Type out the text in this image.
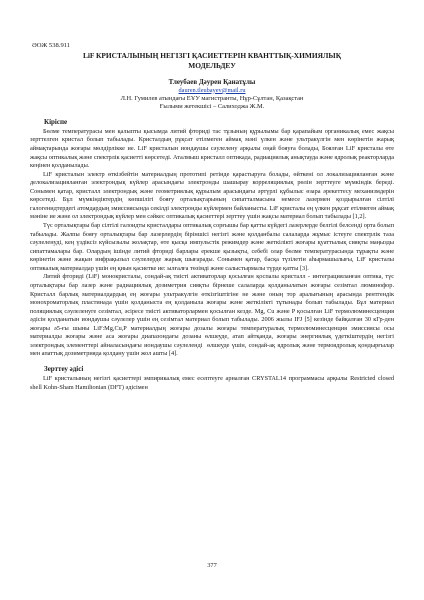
ӘОЖ 538.911
LiF КРИСТАЛЫНЫҢ НЕГІЗГІ ҚАСИЕТТЕРІН КВАНТТЫҚ-ХИМИЯЛЫҚ
МОДЕЛЬДЕУ
Тлеубаев Дәурен Қанатұлы
dauren.tleubayev@mail.ru
Л.Н. Гумилев атындағы ЕҰУ магистранты, Нұр-Сұлтан, Қазақстан
Ғылыми жетекшісі – Салиходжа Ж.М.
Кіріспе

Бөлме температурасы мен қалыпты қысымда литий фториді тас тұзының құрылымы бар қарапайым органикалық емес жақсы зерттелген кристал болып табылады. Кристалдың рұқсат етілмеген аймақ мәні үлкен және ультракүлгін мен көрінетін жарық аймақтарында жоғары мөлдірлікке ие. LiF кристалын иондаушы сәулелену арқылы оңай бояуға болады, Боялған LiF кристалы өте жақсы оптикалық және спектрлік қасиетті көрсетеді. Аталмыш кристалл оптикада, радиациялық анықтауда және ядролық реакторларда кеңінен қолданылады.

LiF кристалын электр өткізбейтін материалдың прототипі ретінде қарастыруға болады, өйткені ол локализацияланған және делокализацияланған электрондық күйлер арасындағы электронды шашырау корреляциялық рөлін зерттеуге мүмкіндік береді. Сонымен қатар, кристалл электрондық және геометриялық құрылым арасындағы әртүрлі құбылыс өзара әрекеттесу механизмдерін көрсетеді. Бұл мүмкіндіктердің көпшілігі бояғу орталықтарының сипатталмасына немесе лазермен қоздырылған сілтілі галогенидтердегі атомдардың эмиссиясында секілді электронды күйлермен байланысты. LiF кристалы ең үлкен рұқсат етілмеген аймақ мәніне ие және ол электрондық күйлер мен сәйкес оптикалық қасиеттері зерттеу үшін жақсы материал болып табылады [1,2].

Түс орталықтары бар сілтілі галоидты кристалдары оптикалық сорғышы бар қатты күйдегі лазерлерде белгілі белсенді орта болып табылады. Жалпы бояғу орталықтары бар лазерлердің біріншісі негізгі және қолданбалы салаларда жұмыс істеуге спектрлік таза сәулеленуді, кең үздіксіз күйсызылы жолақтар, өте қысқа импульстік режимдер және жеткілікті жоғары қуаттылық сияқты маңызды сипаттамалары бар. Олардың ішінде литий фториді барлары ерекше қызықты, себебі олар бөлме температурасында тұрақты және көрінетін және жақын инфрақызыл сәулелерде жарық шығарады. Сонымен қатар, басқа түзілетін аһырмашылығы, LiF кристалы оптикалық материалдар үшін ең қиын қасиетке ие: ылғалға төзімді және салыстырмалы түрде қатты [3].

Литий фториді (LiF) монокристалы, сондай-ақ тиісті активаторлар қосылған қоспалы кристалл - интеграцияланған оптика, түс орталықтары бар лазер және радиациялық дозиметрия сияқты бірнеше салаларда қолданылатын жоғары сезімтал люминофор. Кристалл барлық материалдардың ең жоғары ультракүлгін өткізгіштігіне не және оның тор аралығының арасында рентгендік монохроматорлық пластинада үшін қолданыста ең қолданыла жоғары және жеткілікті тұтынады болып табылады. Бұл материал поляциялық сәулеленуге сезімтал, әсіресе тиісті активаторлармен қосылған кезде. Mg, Cu және P қосылған LiF термолюминесценция әдісін қолданатын иондаушы сәулелер үшін ең сезімтал материал болып табылады. 2006 жылы IFJ [5] кезінде байқалған 30 кГр-ден жоғары ә5-ғы шыны LiF:Mg,Cu,P материалдың жоғары дозалы жоғары температуралық термолюминесценция эмиссиясы осы материалды жоғары және аса жоғары диапазондағы дозаны өлшеуде, атап айтқанда, жоғары энергиялық үдеткіштердің негізгі электрондық элементтері айналасындағы иондаушы сәулелендi ​​ өлшеуде үшін, сондай-ақ ядролық және термоядролық қондырғылар мен апаттық дозиметрияда қолдану үшін жол ашты [4].

Зерттеу әдісі

LiF кристалының негізгі қасиеттері эмпирикалық емес есептеуге арналған CRYSTAL14 программасы арқылы Restricted closed shell Kohn-Sham Hamiltonian (DFT) әдісімен

377
